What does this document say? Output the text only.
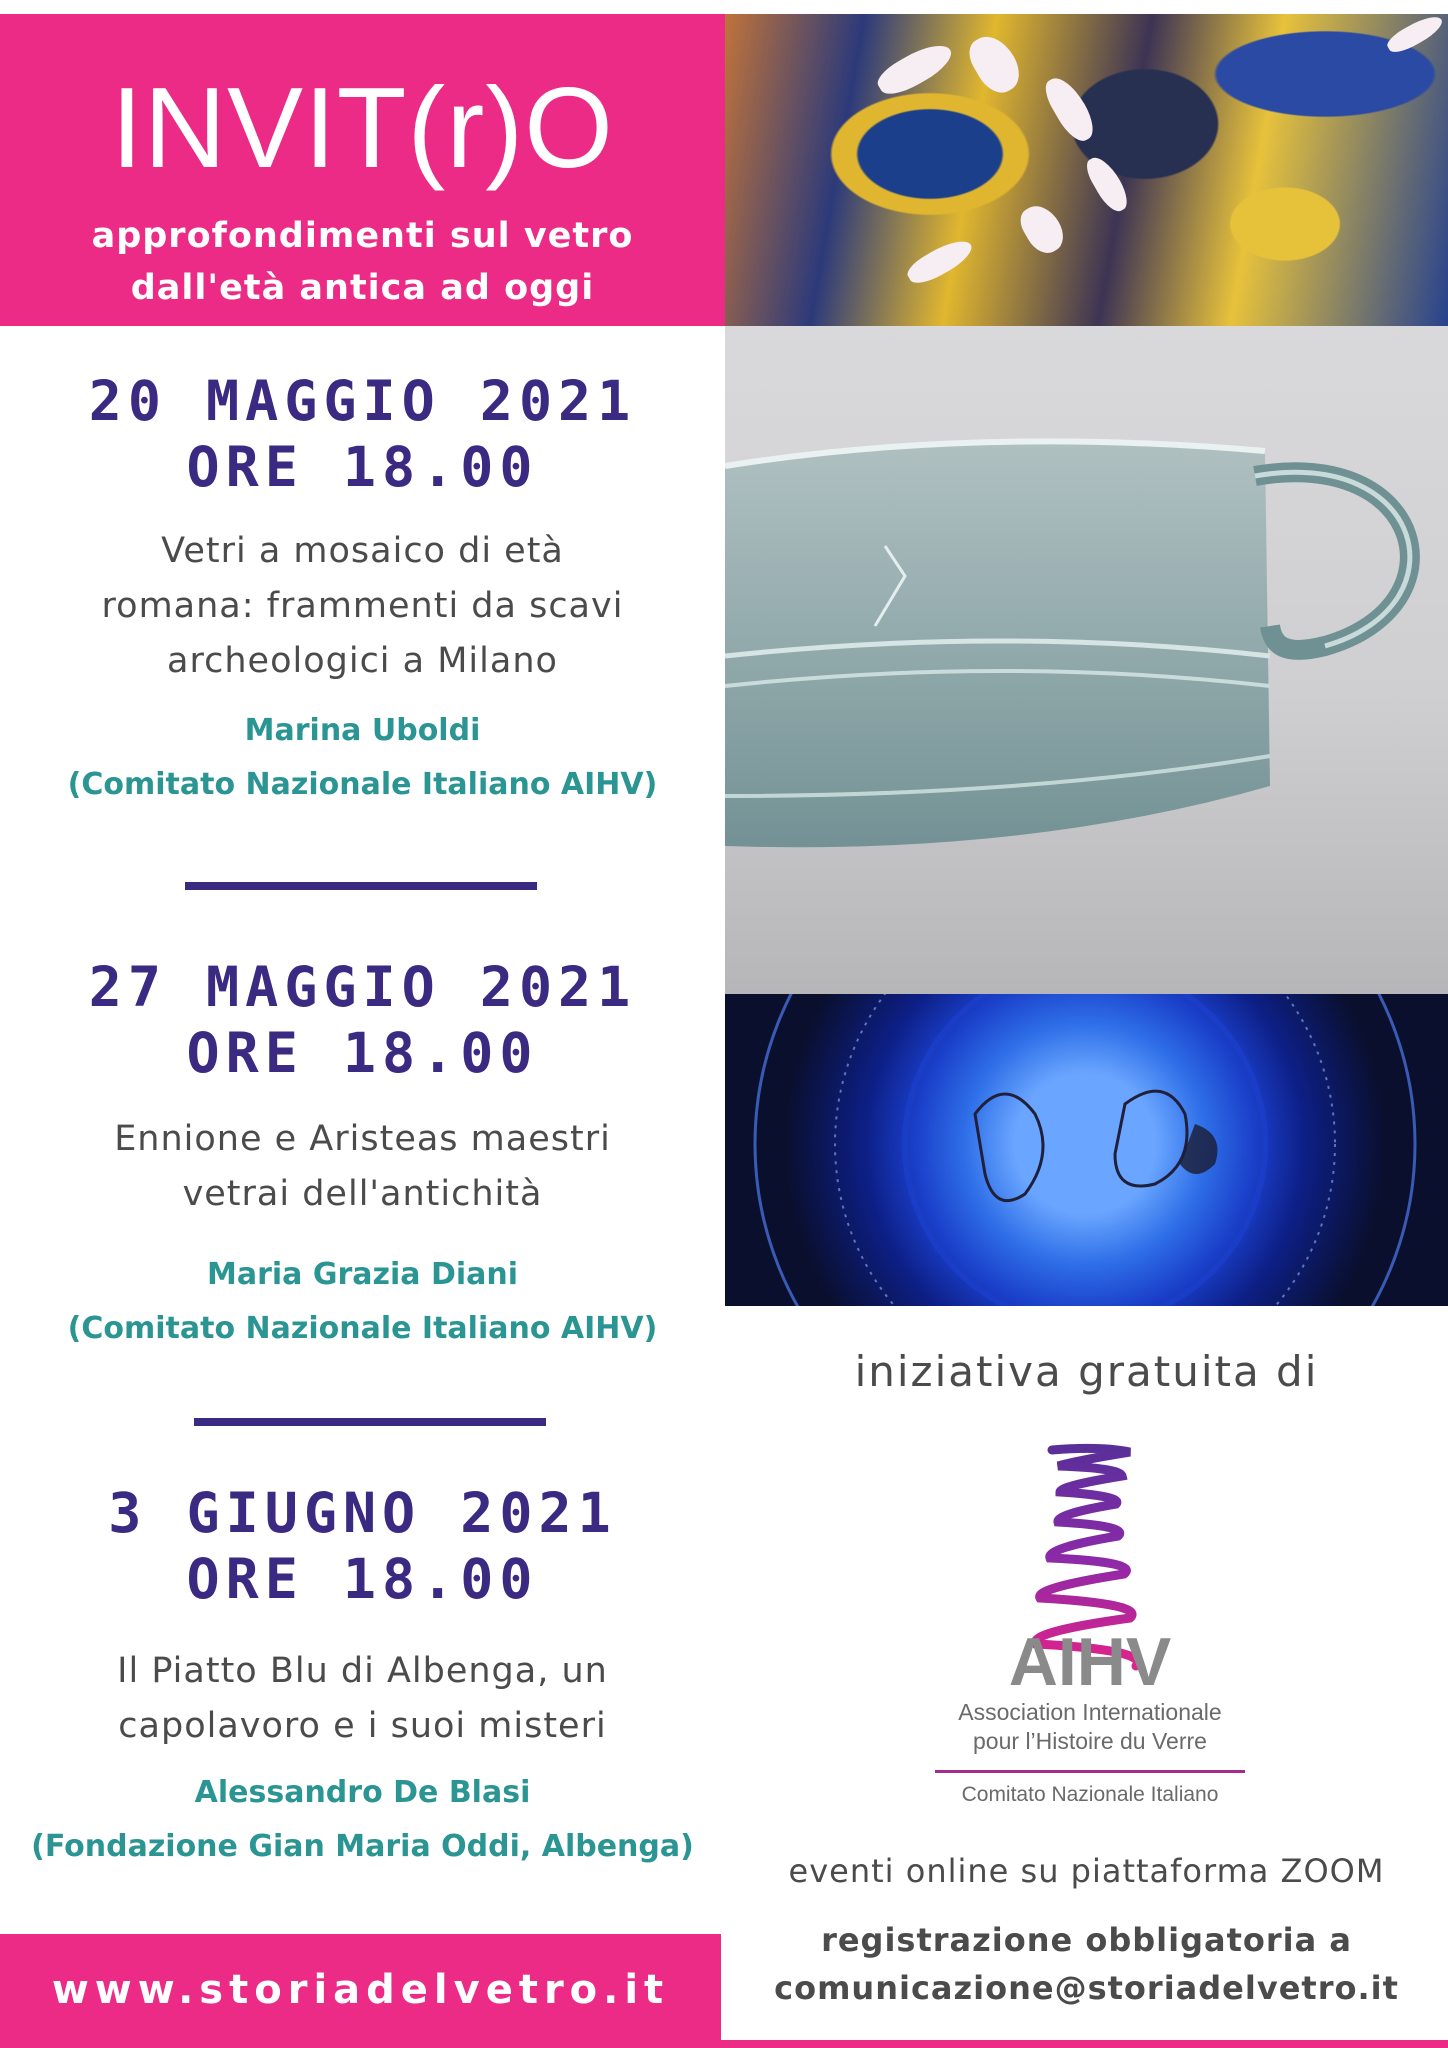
INVIT(r)O
approfondimenti sul vetro
dall'età antica ad oggi
20 MAGGIO 2021
ORE 18.00
Vetri a mosaico di età
romana: frammenti da scavi
archeologici a Milano
Marina Uboldi
(Comitato Nazionale Italiano AIHV)
27 MAGGIO 2021
ORE 18.00
Ennione e Aristeas maestri
vetrai dell'antichità
Maria Grazia Diani
(Comitato Nazionale Italiano AIHV)
3 GIUGNO 2021
ORE 18.00
Il Piatto Blu di Albenga, un
capolavoro e i suoi misteri
Alessandro De Blasi
(Fondazione Gian Maria Oddi, Albenga)
iniziativa gratuita di
AIHV
Association Internationale
pour l’Histoire du Verre
Comitato Nazionale Italiano
eventi online su piattaforma ZOOM
registrazione obbligatoria a
comunicazione@storiadelvetro.it
www.storiadelvetro.it
